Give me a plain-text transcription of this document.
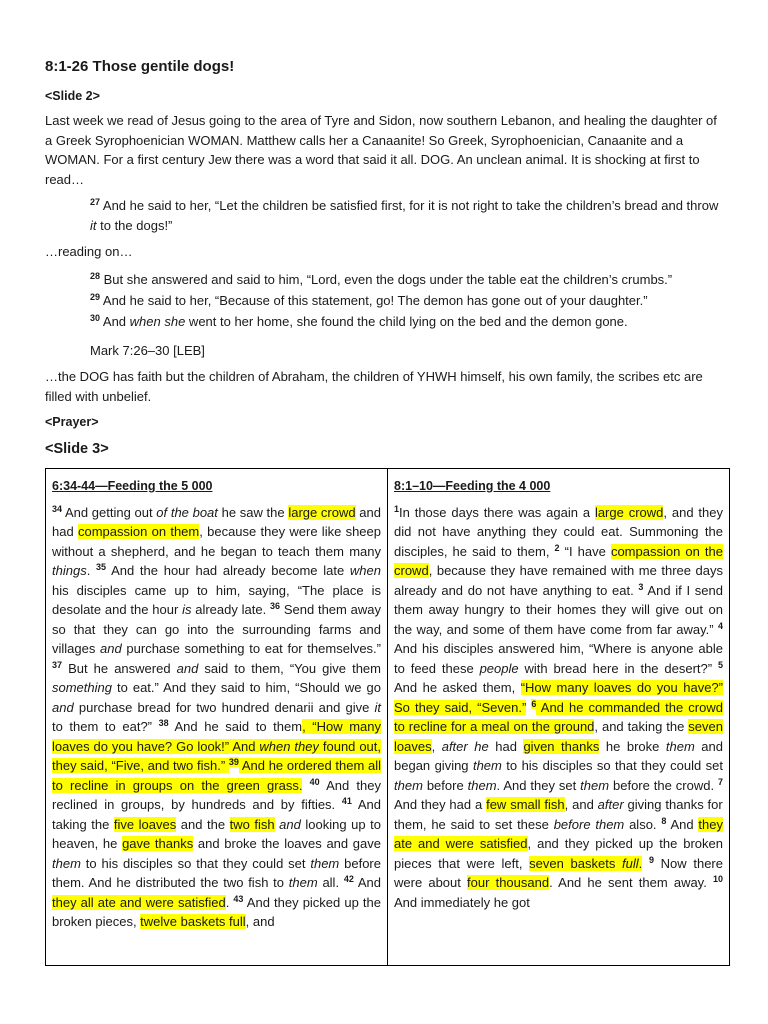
8:1-26 Those gentile dogs!
<Slide 2>
Last week we read of Jesus going to the area of Tyre and Sidon, now southern Lebanon, and healing the daughter of a Greek Syrophoenician WOMAN. Matthew calls her a Canaanite! So Greek, Syrophoenician, Canaanite and a WOMAN. For a first century Jew there was a word that said it all. DOG. An unclean animal. It is shocking at first to read…
$^{27}$ And he said to her, “Let the children be satisfied first, for it is not right to take the children’s bread and throw it to the dogs!”
…reading on…
$^{28}$ But she answered and said to him, “Lord, even the dogs under the table eat the children’s crumbs.”
$^{29}$ And he said to her, “Because of this statement, go! The demon has gone out of your daughter.”
$^{30}$ And when she went to her home, she found the child lying on the bed and the demon gone.
Mark 7:26–30 [LEB]
…the DOG has faith but the children of Abraham, the children of YHWH himself, his own family, the scribes etc are filled with unbelief.
<Prayer>
<Slide 3>
6:34-44—Feeding the 5 000
$^{34}$ And getting out of the boat he saw the large crowd and had compassion on them, because they were like sheep without a shepherd, and he began to teach them many things. $^{35}$ And the hour had already become late when his disciples came up to him, saying, “The place is desolate and the hour is already late. $^{36}$ Send them away so that they can go into the surrounding farms and villages and purchase something to eat for themselves.” $^{37}$ But he answered and said to them, “You give them something to eat.” And they said to him, “Should we go and purchase bread for two hundred denarii and give it to them to eat?” $^{38}$ And he said to them, “How many loaves do you have? Go look!” And when they found out, they said, “Five, and two fish.” $^{39}$ And he ordered them all to recline in groups on the green grass. $^{40}$ And they reclined in groups, by hundreds and by fifties. $^{41}$ And taking the five loaves and the two fish and looking up to heaven, he gave thanks and broke the loaves and gave them to his disciples so that they could set them before them. And he distributed the two fish to them all. $^{42}$ And they all ate and were satisfied. $^{43}$ And they picked up the broken pieces, twelve baskets full, and

8:1–10—Feeding the 4 000
$^1$In those days there was again a large crowd, and they did not have anything they could eat. Summoning the disciples, he said to them, $^2$ “I have compassion on the crowd, because they have remained with me three days already and do not have anything to eat. $^3$ And if I send them away hungry to their homes they will give out on the way, and some of them have come from far away.” $^4$ And his disciples answered him, “Where is anyone able to feed these people with bread here in the desert?” $^5$ And he asked them, “How many loaves do you have?” So they said, “Seven.” $^6$ And he commanded the crowd to recline for a meal on the ground, and taking the seven loaves, after he had given thanks he broke them and began giving them to his disciples so that they could set them before them. And they set them before the crowd. $^7$ And they had a few small fish, and after giving thanks for them, he said to set these before them also. $^8$ And they ate and were satisfied, and they picked up the broken pieces that were left, seven baskets full. $^9$ Now there were about four thousand. And he sent them away. $^{10}$ And immediately he got
